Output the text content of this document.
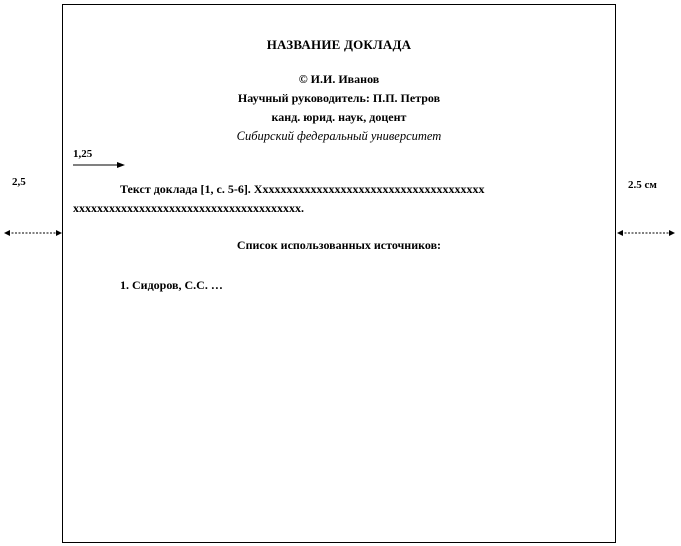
2,5	2.5 см
НАЗВАНИЕ ДОКЛАДА
© И.И. Иванов
Научный руководитель: П.П. Петров
канд. юрид. наук, доцент
Сибирский федеральный университет
1,25
Текст доклада [1, с. 5-6]. Хxxxxxxxxxxxxxxxxxxxxxxxxxxxxxxxxxxxxx
xxxxxxxxxxxxxxxxxxxxxxxxxxxxxxxxxxxxxx.
Список использованных источников:
1. Сидоров, С.С. …
